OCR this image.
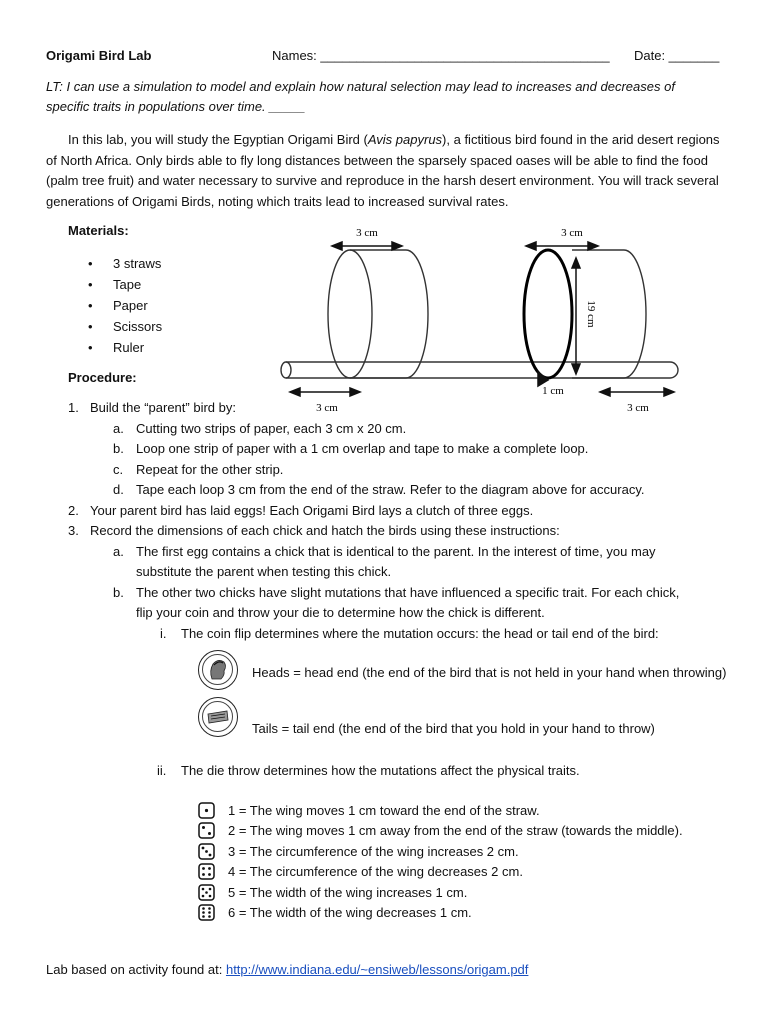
Origami Bird Lab	Names: ________________________________________ Date: _______
LT: I can use a simulation to model and explain how natural selection may lead to increases and decreases of
specific traits in populations over time. _____
In this lab, you will study the Egyptian Origami Bird (Avis papyrus), a fictitious bird found in the arid desert regions of North Africa. Only birds able to fly long distances between the sparsely spaced oases will be able to find the food (palm tree fruit) and water necessary to survive and reproduce in the harsh desert environment. You will track several generations of Origami Birds, noting which traits lead to increased survival rates.
Materials:
• 3 straws
• Tape
• Paper
• Scissors
• Ruler
3 cm	3 cm
19 cm
1 cm
3 cm	3 cm
Procedure:
1. Build the “parent” bird by:
a. Cutting two strips of paper, each 3 cm x 20 cm.
b. Loop one strip of paper with a 1 cm overlap and tape to make a complete loop.
c. Repeat for the other strip.
d. Tape each loop 3 cm from the end of the straw. Refer to the diagram above for accuracy.
2. Your parent bird has laid eggs! Each Origami Bird lays a clutch of three eggs.
3. Record the dimensions of each chick and hatch the birds using these instructions:
a. The first egg contains a chick that is identical to the parent. In the interest of time, you may
substitute the parent when testing this chick.
b. The other two chicks have slight mutations that have influenced a specific trait. For each chick,
flip your coin and throw your die to determine how the chick is different.
i. The coin flip determines where the mutation occurs: the head or tail end of the bird:
Heads = head end (the end of the bird that is not held in your hand when throwing)
Tails = tail end (the end of the bird that you hold in your hand to throw)
ii. The die throw determines how the mutations affect the physical traits.
1 = The wing moves 1 cm toward the end of the straw.
2 = The wing moves 1 cm away from the end of the straw (towards the middle).
3 = The circumference of the wing increases 2 cm.
4 = The circumference of the wing decreases 2 cm.
5 = The width of the wing increases 1 cm.
6 = The width of the wing decreases 1 cm.
Lab based on activity found at: http://www.indiana.edu/~ensiweb/lessons/origam.pdf
